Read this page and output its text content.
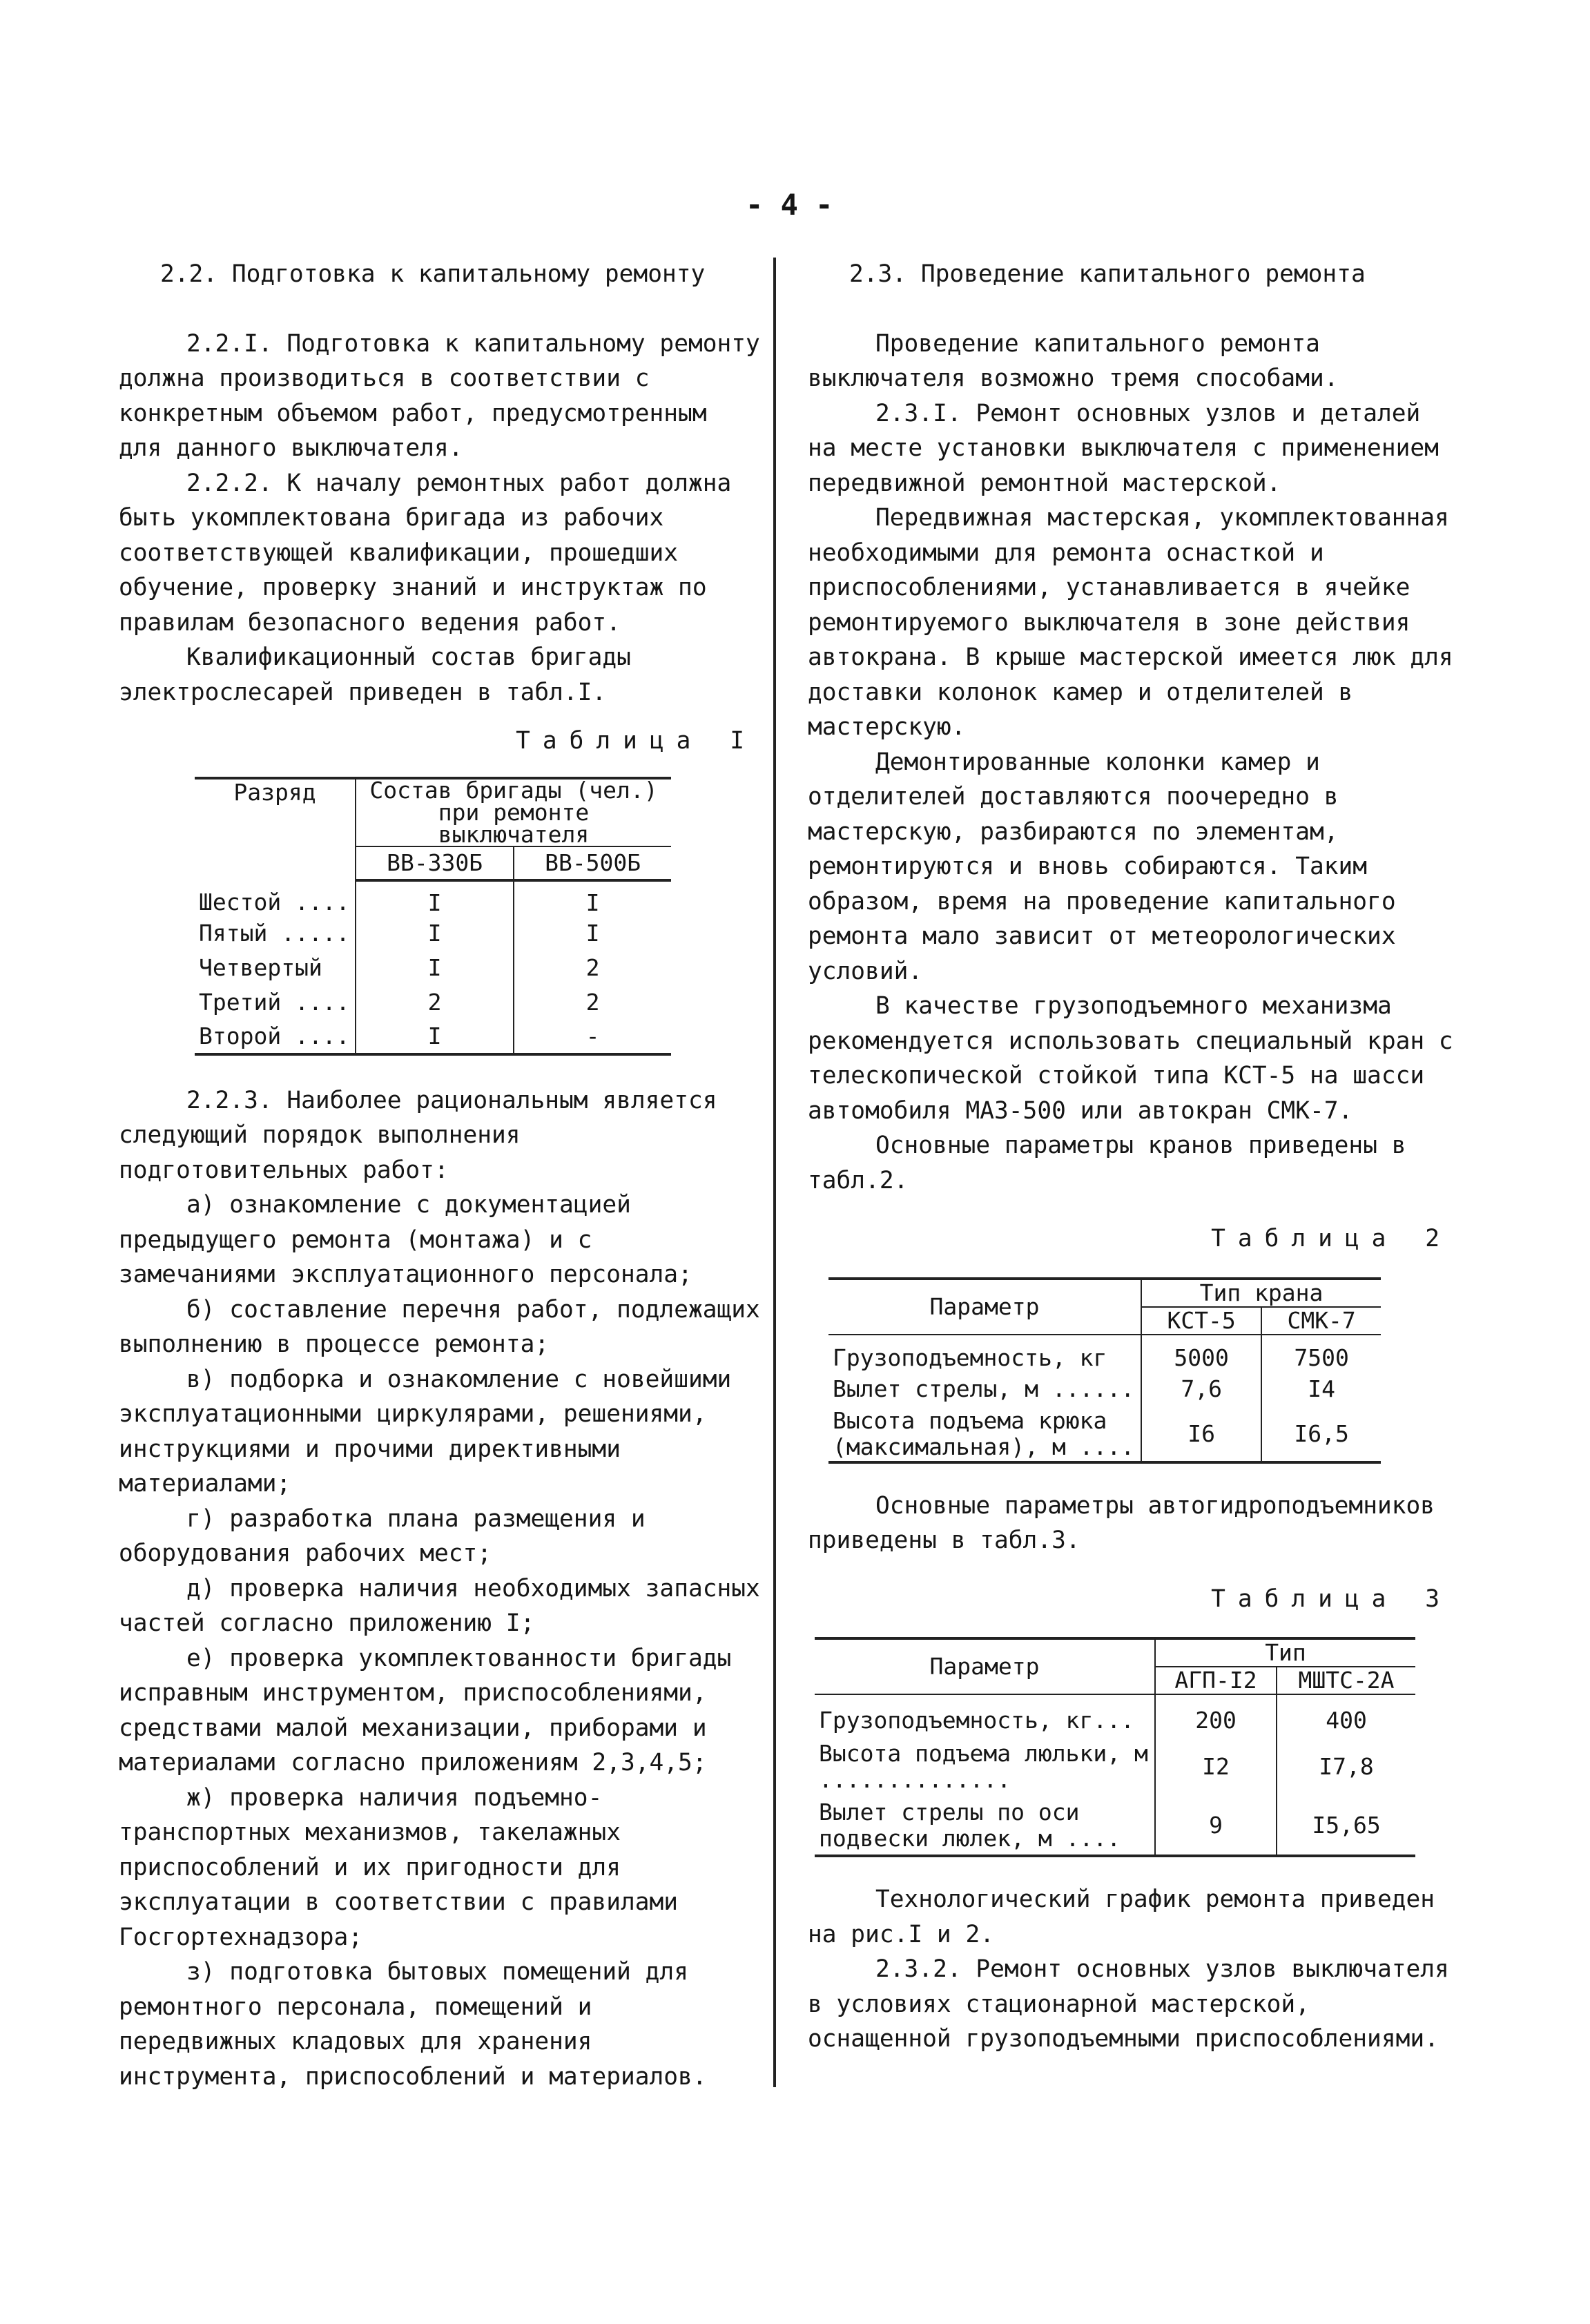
- 4 -

2.2. Подготовка к капитальному ремонту

2.2.I. Подготовка к капитальному ремонту должна производиться в соответствии с конкретным объемом работ, предусмотренным для данного выключателя.

2.2.2. К началу ремонтных работ должна быть укомплектована бригада из рабочих соответствующей квалификации, прошедших обучение, проверку знаний и инструктаж по правилам безопасного ведения работ.

Квалификационный состав бригады электрослесарей приведен в табл.I.

Таблица I

Разряд	Состав бригады (чел.) при ремонте выключателя	
	ВВ-330Б	ВВ-500Б
Шестой ....	I	I
Пятый .....	I	I
Четвертый	I	2
Третий ....	2	2
Второй ....	I	-

2.2.3. Наиболее рациональным является следующий порядок выполнения подготовительных работ:

а) ознакомление с документацией предыдущего ремонта (монтажа) и с замечаниями эксплуатационного персонала;

б) составление перечня работ, подлежащих выполнению в процессе ремонта;

в) подборка и ознакомление с новейшими эксплуатационными циркулярами, решениями, инструкциями и прочими директивными материалами;

г) разработка плана размещения и оборудования рабочих мест;

д) проверка наличия необходимых запасных частей согласно приложению I;

е) проверка укомплектованности бригады исправным инструментом, приспособлениями, средствами малой механизации, приборами и материалами согласно приложениям 2,3,4,5;

ж) проверка наличия подъемно-транспортных механизмов, такелажных приспособлений и их пригодности для эксплуатации в соответствии с правилами Госгортехнадзора;

з) подготовка бытовых помещений для ремонтного персонала, помещений и передвижных кладовых для хранения инструмента, приспособлений и материалов.

2.3. Проведение капитального ремонта

Проведение капитального ремонта выключателя возможно тремя способами.

2.3.I. Ремонт основных узлов и деталей на месте установки выключателя с применением передвижной ремонтной мастерской.

Передвижная мастерская, укомплектованная необходимыми для ремонта оснасткой и приспособлениями, устанавливается в ячейке ремонтируемого выключателя в зоне действия автокрана. В крыше мастерской имеется люк для доставки колонок камер и отделителей в мастерскую.

Демонтированные колонки камер и отделителей доставляются поочередно в мастерскую, разбираются по элементам, ремонтируются и вновь собираются. Таким образом, время на проведение капитального ремонта мало зависит от метеорологических условий.

В качестве грузоподъемного механизма рекомендуется использовать специальный кран с телескопической стойкой типа КСТ-5 на шасси автомобиля МАЗ-500 или автокран СМК-7.

Основные параметры кранов приведены в табл.2.

Таблица 2

Параметр	Тип крана	
	КСТ-5	СМК-7
Грузоподъемность, кг	5000	7500
Вылет стрелы, м ......	7,6	I4
Высота подъема крюка (максимальная), м ....	I6	I6,5

Основные параметры автогидроподъемников приведены в табл.3.

Таблица 3

Параметр	Тип	
	АГП-I2	МШТС-2А
Грузоподъемность, кг...	200	400
Высота подъема люльки, м ..............	I2	I7,8
Вылет стрелы по оси подвески люлек, м ....	9	I5,65

Технологический график ремонта приведен на рис.I и 2.

2.3.2. Ремонт основных узлов выключателя в условиях стационарной мастерской, оснащенной грузоподъемными приспособлениями.
